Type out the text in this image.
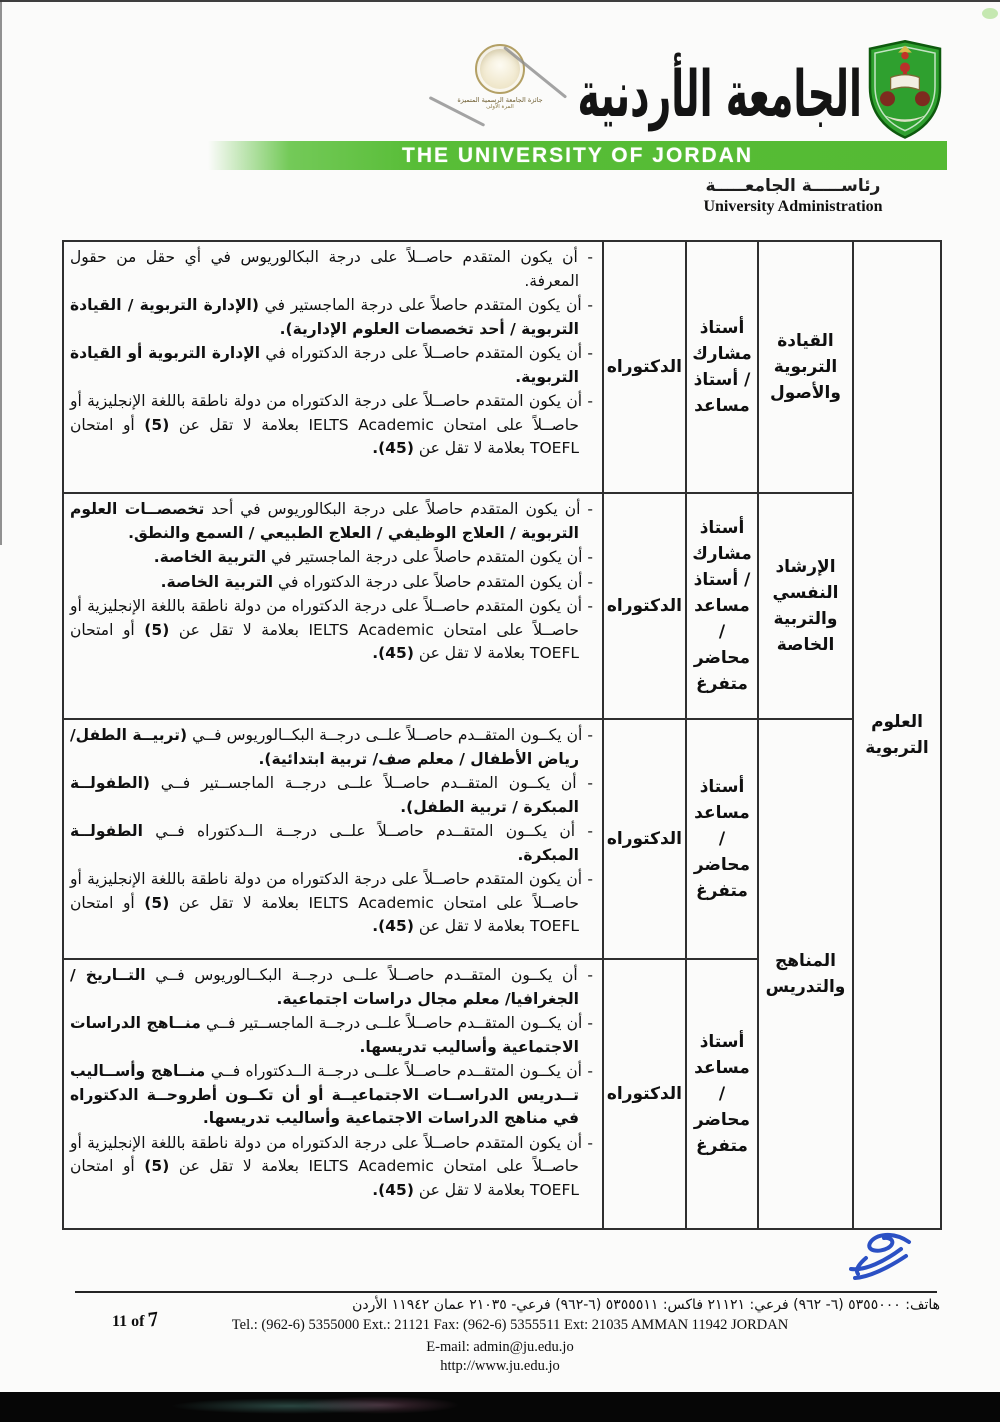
جائزة الجامعة الرسمية المتميزة
المرة الأولى	الجامعة الأردنية
THE UNIVERSITY OF JORDAN
رئاســـــة الجامعـــــة
University Administration
العلوم التربوية	القيادة التربوية والأصول	أستاذ مشارك / أستاذ مساعد	الدكتوراه	- أن يكون المتقدم حاصــلاً على درجة البكالوريوس في أي حقل من حقول المعرفة.
- أن يكون المتقدم حاصلاً على درجة الماجستير في (الإدارة التربوية / القيادة التربوية / أحد تخصصات العلوم الإدارية).
- أن يكون المتقدم حاصــلاً على درجة الدكتوراه في الإدارة التربوية أو القيادة التربوية.
- أن يكون المتقدم حاصــلاً على درجة الدكتوراه من دولة ناطقة باللغة الإنجليزية أو حاصــلاً على امتحان IELTS Academic بعلامة لا تقل عن (5) أو امتحان TOEFL بعلامة لا تقل عن (45).

	الإرشاد النفسي والتربية الخاصة	أستاذ مشارك / أستاذ مساعد / محاضر متفرغ	الدكتوراه	- أن يكون المتقدم حاصلاً على درجة البكالوريوس في أحد تخصصــات العلوم التربوية / العلاج الوظيفي / العلاج الطبيعي / السمع والنطق.
- أن يكون المتقدم حاصلاً على درجة الماجستير في التربية الخاصة.
- أن يكون المتقدم حاصلاً على درجة الدكتوراه في التربية الخاصة.
- أن يكون المتقدم حاصــلاً على درجة الدكتوراه من دولة ناطقة باللغة الإنجليزية أو حاصــلاً على امتحان IELTS Academic بعلامة لا تقل عن (5) أو امتحان TOEFL بعلامة لا تقل عن (45).

	المناهج والتدريس	أستاذ مساعد / محاضر متفرغ	الدكتوراه	- أن يكــون المتقــدم حاصــلاً علــى درجــة البكــالوريوس فــي (تربيــة الطفل/ رياض الأطفال / معلم صف/ تربية ابتدائية).
- أن يكــون المتقــدم حاصــلاً علــى درجــة الماجســتير فــي (الطفولــة المبكرة / تربية الطفل).
- أن يكــون المتقــدم حاصــلاً علــى درجــة الــدكتوراه فــي الطفولــة المبكرة.
- أن يكون المتقدم حاصــلاً على درجة الدكتوراه من دولة ناطقة باللغة الإنجليزية أو حاصــلاً على امتحان IELTS Academic بعلامة لا تقل عن (5) أو امتحان TOEFL بعلامة لا تقل عن (45).

		أستاذ مساعد / محاضر متفرغ	الدكتوراه	- أن يكــون المتقــدم حاصــلاً علــى درجــة البكــالوريوس فــي التــاريخ / الجغرافيا/ معلم مجال دراسات اجتماعية.
- أن يكــون المتقــدم حاصــلاً علــى درجــة الماجســتير فــي منــاهج الدراسات الاجتماعية وأساليب تدريسها.
- أن يكــون المتقــدم حاصــلاً علــى درجــة الــدكتوراه فــي منــاهج وأســاليب تــدريس الدراســات الاجتماعيــة أو أن تكــون أطروحــة الدكتوراه في مناهج الدراسات الاجتماعية وأساليب تدريسها.
- أن يكون المتقدم حاصــلاً على درجة الدكتوراه من دولة ناطقة باللغة الإنجليزية أو حاصــلاً على امتحان IELTS Academic بعلامة لا تقل عن (5) أو امتحان TOEFL بعلامة لا تقل عن (45).
هاتف: ٥٣٥٥٠٠٠ (٦- ٩٦٢) فرعي: ٢١١٢١ فاكس: ٥٣٥٥٥١١ (٦-٩٦٢) فرعي- ٢١٠٣٥ عمان ١١٩٤٢ الأردن
11 of 7	Tel.: (962-6) 5355000 Ext.: 21121 Fax: (962-6) 5355511 Ext: 21035 AMMAN 11942 JORDAN
E-mail: admin@ju.edu.jo
http://www.ju.edu.jo
